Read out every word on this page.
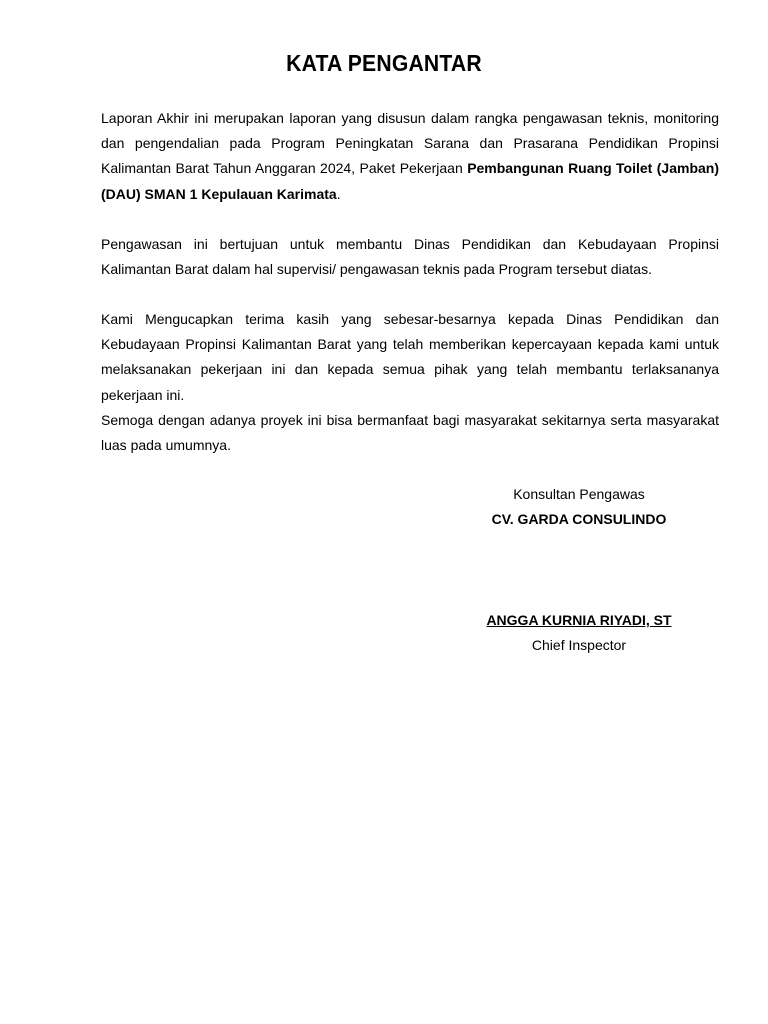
KATA PENGANTAR
Laporan Akhir ini merupakan laporan yang disusun dalam rangka pengawasan teknis, monitoring dan pengendalian pada Program Peningkatan Sarana dan Prasarana Pendidikan Propinsi Kalimantan Barat Tahun Anggaran 2024, Paket Pekerjaan Pembangunan Ruang Toilet (Jamban) (DAU) SMAN 1 Kepulauan Karimata.
Pengawasan ini bertujuan untuk membantu Dinas Pendidikan dan Kebudayaan Propinsi Kalimantan Barat dalam hal supervisi/ pengawasan teknis pada Program tersebut diatas.
Kami Mengucapkan terima kasih yang sebesar-besarnya kepada Dinas Pendidikan dan Kebudayaan Propinsi Kalimantan Barat yang telah memberikan kepercayaan kepada kami untuk melaksanakan pekerjaan ini dan kepada semua pihak yang telah membantu terlaksananya pekerjaan ini.
Semoga dengan adanya proyek ini bisa bermanfaat bagi masyarakat sekitarnya serta masyarakat luas pada umumnya.
Konsultan Pengawas
CV. GARDA CONSULINDO
ANGGA KURNIA RIYADI, ST
Chief Inspector
